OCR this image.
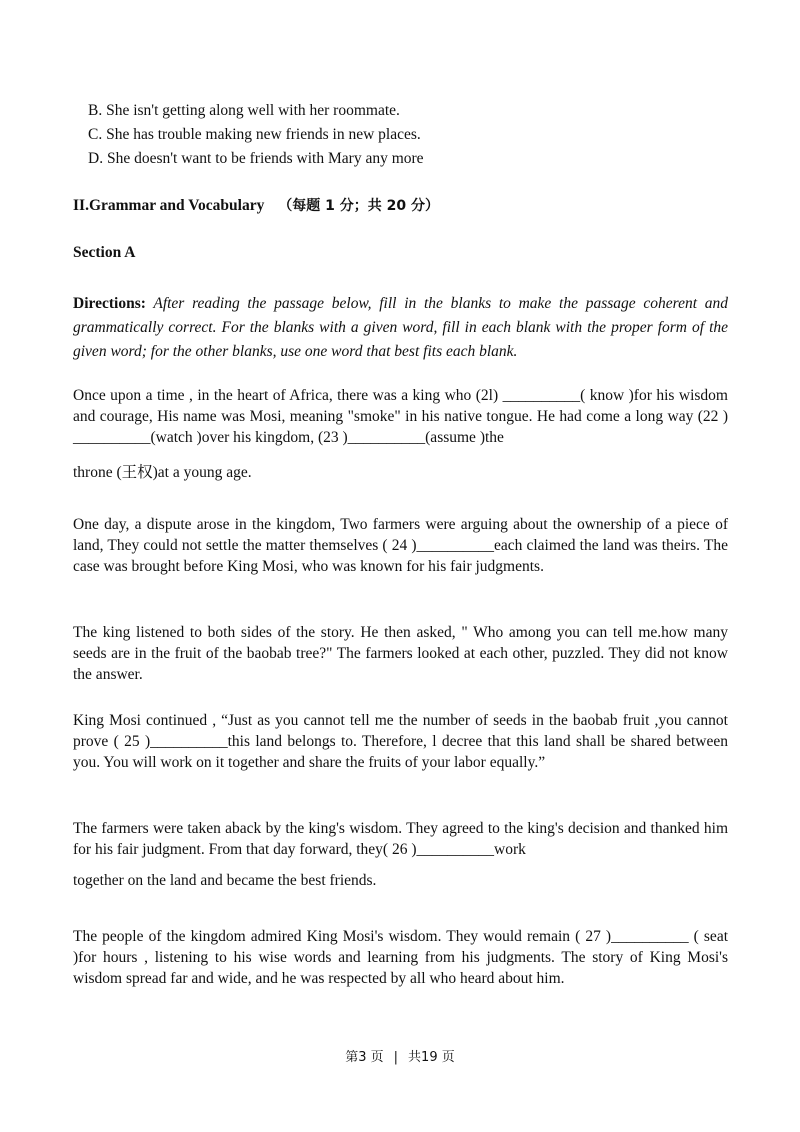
B. She isn't getting along well with her roommate.
C. She has trouble making new friends in new places.
D. She doesn't want to be friends with Mary any more
II.Grammar and Vocabulary （每题 1 分；共 20 分）
Section A
Directions: After reading the passage below, fill in the blanks to make the passage coherent and grammatically correct. For the blanks with a given word, fill in each blank with the proper form of the given word; for the other blanks, use one word that best fits each blank.
Once upon a time , in the heart of Africa, there was a king who (2l) __________( know )for his wisdom and courage, His name was Mosi, meaning "smoke" in his native tongue. He had come a long way (22 ) __________(watch )over his kingdom, (23 )__________(assume )the
throne (王权)at a young age.
One day, a dispute arose in the kingdom, Two farmers were arguing about the ownership of a piece of land, They could not settle the matter themselves ( 24 )__________each claimed the land was theirs. The case was brought before King Mosi, who was known for his fair judgments.
The king listened to both sides of the story. He then asked, " Who among you can tell me.how many seeds are in the fruit of the baobab tree?" The farmers looked at each other, puzzled. They did not know the answer.
King Mosi continued , “Just as you cannot tell me the number of seeds in the baobab fruit ,you cannot prove ( 25 )__________this land belongs to. Therefore, l decree that this land shall be shared between you. You will work on it together and share the fruits of your labor equally.”
The farmers were taken aback by the king's wisdom. They agreed to the king's decision and thanked him for his fair judgment. From that day forward, they( 26 )__________work
together on the land and became the best friends.
The people of the kingdom admired King Mosi's wisdom. They would remain ( 27 )__________ ( seat )for hours , listening to his wise words and learning from his judgments. The story of King Mosi's wisdom spread far and wide, and he was respected by all who heard about him.
第3 页 | 共19 页
